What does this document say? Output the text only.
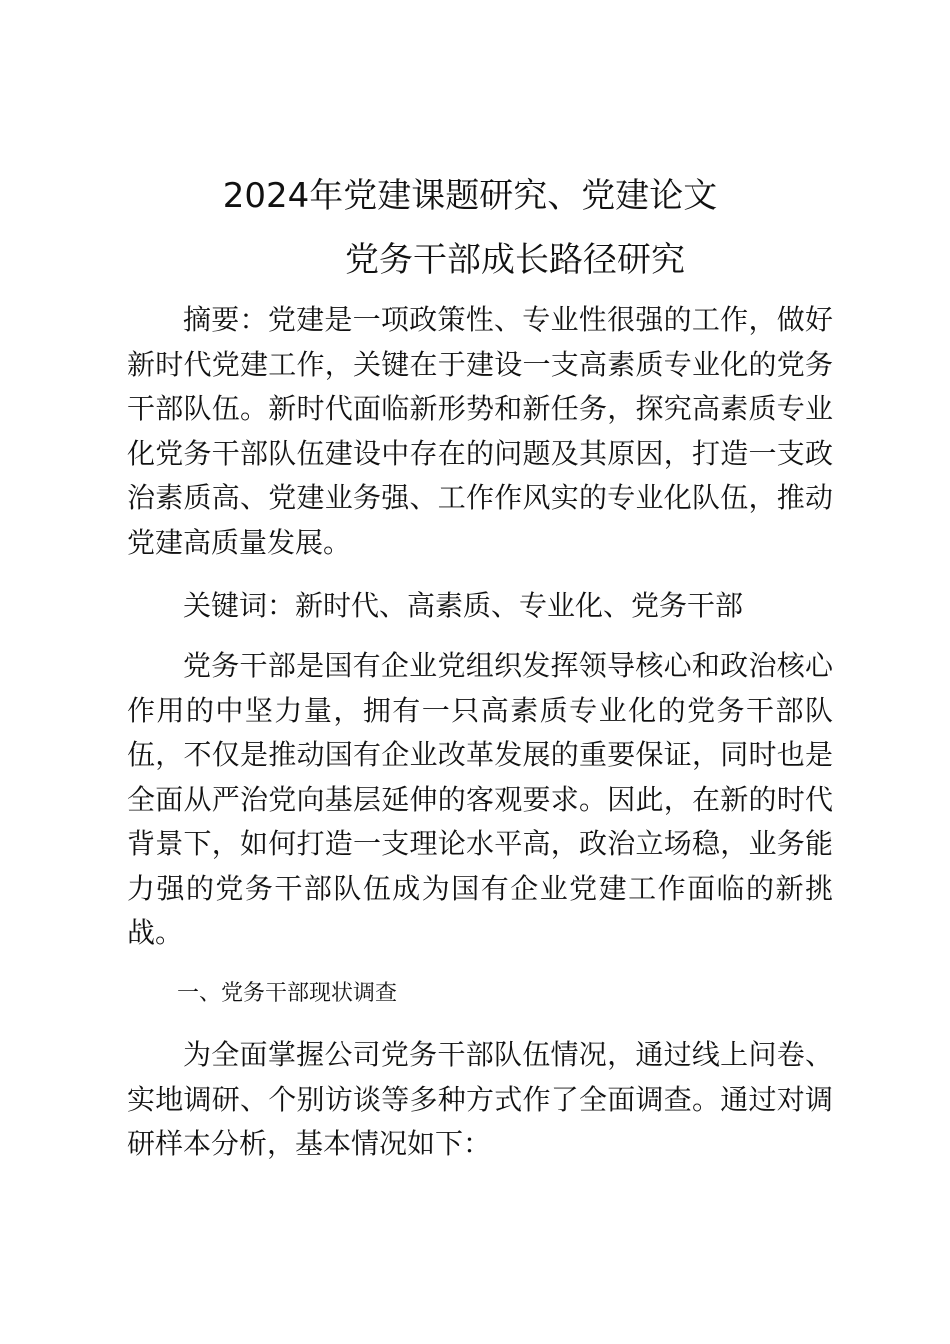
2024年党建课题研究、党建论文
党务干部成长路径研究

摘要：党建是一项政策性、专业性很强的工作，做好新时代党建工作，关键在于建设一支高素质专业化的党务干部队伍。新时代面临新形势和新任务，探究高素质专业化党务干部队伍建设中存在的问题及其原因，打造一支政治素质高、党建业务强、工作作风实的专业化队伍，推动党建高质量发展。

关键词：新时代、高素质、专业化、党务干部

党务干部是国有企业党组织发挥领导核心和政治核心作用的中坚力量，拥有一只高素质专业化的党务干部队伍，不仅是推动国有企业改革发展的重要保证，同时也是全面从严治党向基层延伸的客观要求。因此，在新的时代背景下，如何打造一支理论水平高，政治立场稳，业务能力强的党务干部队伍成为国有企业党建工作面临的新挑战。

一、党务干部现状调查

为全面掌握公司党务干部队伍情况，通过线上问卷、实地调研、个别访谈等多种方式作了全面调查。通过对调研样本分析，基本情况如下：
